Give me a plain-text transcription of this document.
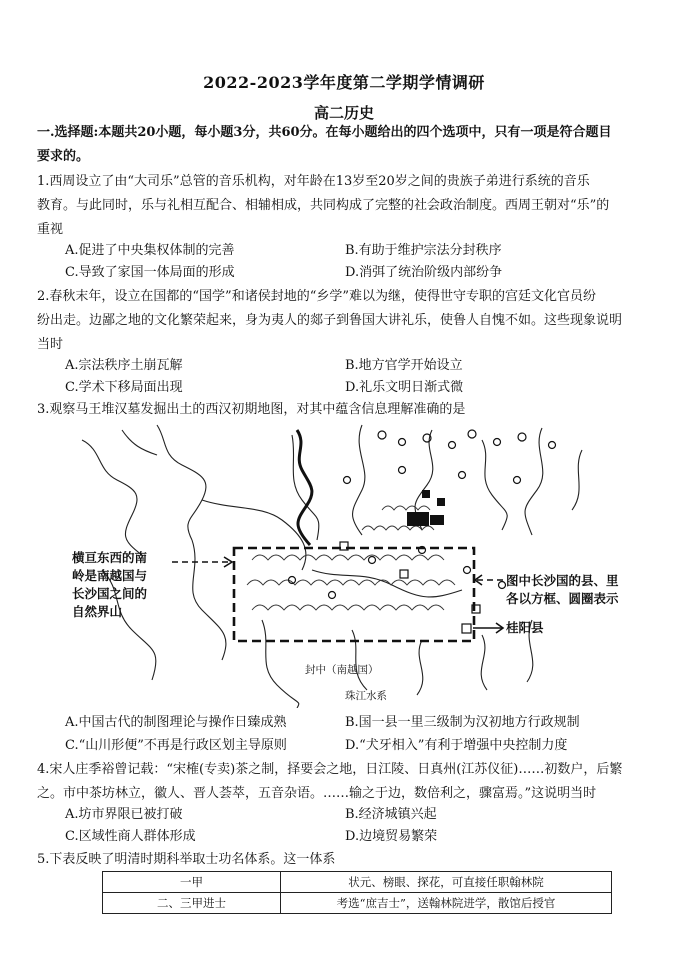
2022-2023学年度第二学期学情调研
高二历史
一.选择题:本题共20小题，每小题3分，共60分。在每小题给出的四个选项中，只有一项是符合题目
要求的。
1.西周设立了由“大司乐”总管的音乐机构，对年龄在13岁至20岁之间的贵族子弟进行系统的音乐
教育。与此同时，乐与礼相互配合、相辅相成，共同构成了完整的社会政治制度。西周王朝对“乐”的
重视
A.促进了中央集权体制的完善	B.有助于维护宗法分封秩序
C.导致了家国一体局面的形成	D.消弭了统治阶级内部纷争
2.春秋末年，设立在国都的“国学”和诸侯封地的“乡学”难以为继，使得世守专职的宫廷文化官员纷
纷出走。边鄙之地的文化繁荣起来，身为夷人的郯子到鲁国大讲礼乐，使鲁人自愧不如。这些现象说明
当时
A.宗法秩序土崩瓦解	B.地方官学开始设立
C.学术下移局面出现	D.礼乐文明日渐式微
3.观察马王堆汉墓发掘出土的西汉初期地图，对其中蕴含信息理解准确的是
横亘东西的南
岭是南越国与
长沙国之间的
自然界山
图中长沙国的县、里
各以方框、圆圈表示
桂阳县
封中（南越国）
珠江水系
A.中国古代的制图理论与操作日臻成熟	B.国一县一里三级制为汉初地方行政规制
C.“山川形便”不再是行政区划主导原则	D.“犬牙相入”有利于增强中央控制力度
4.宋人庄季裕曾记载：“宋榷(专卖)茶之制，择要会之地，日江陵、日真州(江苏仪征)……初数户，后繁
之。市中茶坊林立，徽人、晋人荟萃，五音杂语。……输之于边，数倍利之，骤富焉。”这说明当时
A.坊市界限已被打破	B.经济城镇兴起
C.区域性商人群体形成	D.边境贸易繁荣
5.下表反映了明清时期科举取士功名体系。这一体系
一甲	状元、榜眼、探花，可直接任职翰林院
二、三甲进士	考选“庶吉士”，送翰林院进学，散馆后授官
